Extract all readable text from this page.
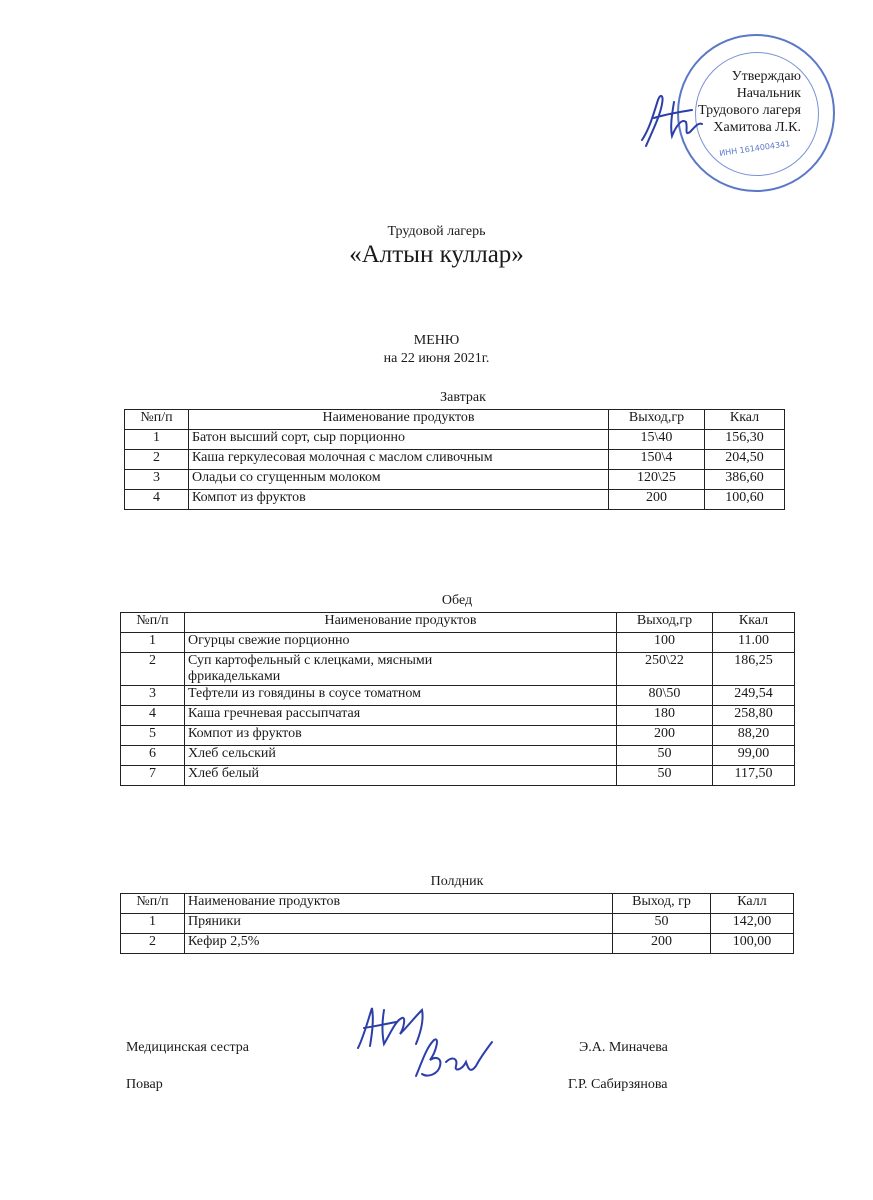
ИНН 1614004341
Утверждаю
Начальник
Трудового лагеря
Хамитова Л.К.
Трудовой лагерь
«Алтын куллар»
МЕНЮ
на 22 июня 2021г.
Завтрак
№п/п	Наименование продуктов	Выход,гр	Ккал
1	Батон высший сорт, сыр порционно	15\40	156,30
2	Каша геркулесовая молочная с маслом сливочным	150\4	204,50
3	Оладьи со сгущенным молоком	120\25	386,60
4	Компот из фруктов	200	100,60
Обед
№п/п	Наименование продуктов	Выход,гр	Ккал
1	Огурцы свежие порционно	100	11.00
2	Суп картофельный с клецками, мясными фрикадельками	250\22	186,25
3	Тефтели из говядины в соусе томатном	80\50	249,54
4	Каша гречневая рассыпчатая	180	258,80
5	Компот из фруктов	200	88,20
6	Хлеб сельский	50	99,00
7	Хлеб белый	50	117,50
Полдник
№п/п	Наименование продуктов	Выход, гр	Калл
1	Пряники	50	142,00
2	Кефир 2,5%	200	100,00
Медицинская сестра	Э.А. Миначева
Повар	Г.Р. Сабирзянова
